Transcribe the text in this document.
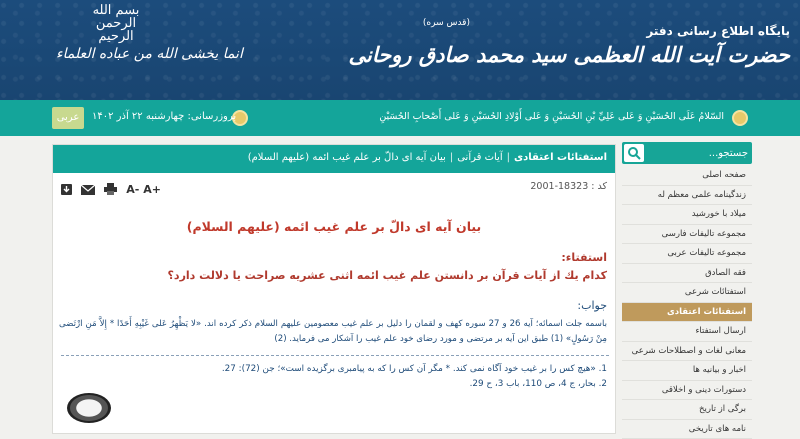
پایگاه اطلاع رسانی دفتر
(قدس سره)
حضرت آیت الله العظمی سید محمد صادق روحانی
بسم الله الرحمن الرحیم
انما یخشی الله من عباده العلماء
السّلامُ عَلَى الحُسَيْنِ وَ عَلى عَلِيِّ بْنِ الحُسَيْنِ وَ عَلى أَوْلادِ الحُسَيْنِ وَ عَلى أَصْحابِ الحُسَيْنِ
بروزرسانی: چهارشنبه ۲۲ آذر ۱۴۰۲
عربی
جستجو...
صفحه اصلی
زندگینامه علمی معظم له
میلاد با خورشید
مجموعه تالیفات فارسی
مجموعه تالیفات عربی
فقه الصادق
استفتائات شرعی
استفتائات اعتقادی
ارسال استفتاء
معانی لغات و اصطلاحات شرعی
اخبار و بیانیه ها
دستورات دینی و اخلاقی
برگی از تاریخ
نامه های تاریخی
استفتائات اعتقادی|آیات قرآنی|بیان آیه ای دالّ بر علم غیب ائمه (علیهم السلام)
کد : 18323-2001
A- A+
بیان آیه ای دالّ بر علم غیب ائمه (علیهم السلام)
استفتاء:
کدام یك از آیات قرآن بر دانستن علم غیب ائمه اثنی عشریه صراحت یا دلالت دارد؟
جواب:
باسمه جلت اسمائه؛ آیه 26 و 27 سوره کهف و لقمان را دلیل بر علم غیب معصومین علیهم السلام ذکر کرده اند. «لا یَظْهِرُ عَلی غَیْبِهِ أَحَدًا * إِلاَّ مَنِ ارْتَضی مِنْ رَسُولٍ» (1) طبق این آیه بر مرتضی و مورد رضای خود علم غیب را آشکار می فرماید. (2)
1. «هیچ کس را بر غیب خود آگاه نمی کند. * مگر آن کس را که به پیامبری برگزیده است»؛ جن (72): 27.
2. بحار، ج 4، ص 110، باب 3، ح 29.
